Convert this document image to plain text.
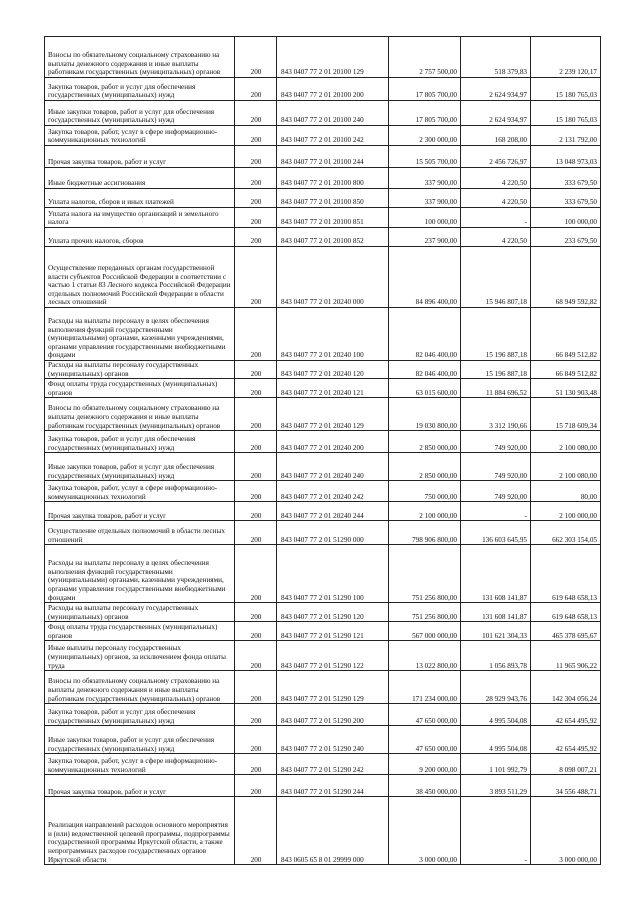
Взносы по обязательному социальному страхованию на выплаты денежного содержания и иные выплаты работникам государственных (муниципальных) органов	200	843 0407 77 2 01 20100 129	2 757 500,00	518 379,83	2 239 120,17
Закупка товаров, работ и услуг для обеспечения государственных (муниципальных) нужд	200	843 0407 77 2 01 20100 200	17 805 700,00	2 624 934,97	15 180 765,03
Иные закупки товаров, работ и услуг для обеспечения государственных (муниципальных) нужд	200	843 0407 77 2 01 20100 240	17 805 700,00	2 624 934,97	15 180 765,03
Закупка товаров, работ, услуг в сфере информационно-коммуникационных технологий	200	843 0407 77 2 01 20100 242	2 300 000,00	168 208,00	2 131 792,00
Прочая закупка товаров, работ и услуг	200	843 0407 77 2 01 20100 244	15 505 700,00	2 456 726,97	13 048 973,03
Иные бюджетные ассигнования	200	843 0407 77 2 01 20100 800	337 900,00	4 220,50	333 679,50
Уплата налогов, сборов и иных платежей	200	843 0407 77 2 01 20100 850	337 900,00	4 220,50	333 679,50
Уплата налога на имущество организаций и земельного налога	200	843 0407 77 2 01 20100 851	100 000,00	-	100 000,00
Уплата прочих налогов, сборов	200	843 0407 77 2 01 20100 852	237 900,00	4 220,50	233 679,50
Осуществление переданных органам государственной власти субъектов Российской Федерации в соответствии с частью 1 статьи 83 Лесного кодекса Российской Федерации отдельных полномочий Российской Федерации в области лесных отношений	200	843 0407 77 2 01 20240 000	84 896 400,00	15 946 807,18	68 949 592,82
Расходы на выплаты персоналу в целях обеспечения выполнения функций государственными (муниципальными) органами, казенными учреждениями, органами управления государственными внебюджетными фондами	200	843 0407 77 2 01 20240 100	82 046 400,00	15 196 887,18	66 849 512,82
Расходы на выплаты персоналу государственных (муниципальных) органов	200	843 0407 77 2 01 20240 120	82 046 400,00	15 196 887,18	66 849 512,82
Фонд оплаты труда государственных (муниципальных) органов	200	843 0407 77 2 01 20240 121	63 015 600,00	11 884 696,52	51 130 903,48
Взносы по обязательному социальному страхованию на выплаты денежного содержания и иные выплаты работникам государственных (муниципальных) органов	200	843 0407 77 2 01 20240 129	19 030 800,00	3 312 190,66	15 718 609,34
Закупка товаров, работ и услуг для обеспечения государственных (муниципальных) нужд	200	843 0407 77 2 01 20240 200	2 850 000,00	749 920,00	2 100 080,00
Иные закупки товаров, работ и услуг для обеспечения государственных (муниципальных) нужд	200	843 0407 77 2 01 20240 240	2 850 000,00	749 920,00	2 100 080,00
Закупка товаров, работ, услуг в сфере информационно-коммуникационных технологий	200	843 0407 77 2 01 20240 242	750 000,00	749 920,00	80,00
Прочая закупка товаров, работ и услуг	200	843 0407 77 2 01 20240 244	2 100 000,00	-	2 100 000,00
Осуществление отдельных полномочий в области лесных отношений	200	843 0407 77 2 01 51290 000	798 906 800,00	136 603 645,95	662 303 154,05
Расходы на выплаты персоналу в целях обеспечения выполнения функций государственными (муниципальными) органами, казенными учреждениями, органами управления государственными внебюджетными фондами	200	843 0407 77 2 01 51290 100	751 256 800,00	131 608 141,87	619 648 658,13
Расходы на выплаты персоналу государственных (муниципальных) органов	200	843 0407 77 2 01 51290 120	751 256 800,00	131 608 141,87	619 648 658,13
Фонд оплаты труда государственных (муниципальных) органов	200	843 0407 77 2 01 51290 121	567 000 000,00	101 621 304,33	465 378 695,67
Иные выплаты персоналу государственных (муниципальных) органов, за исключением фонда оплаты труда	200	843 0407 77 2 01 51290 122	13 022 800,00	1 056 893,78	11 965 906,22
Взносы по обязательному социальному страхованию на выплаты денежного содержания и иные выплаты работникам государственных (муниципальных) органов	200	843 0407 77 2 01 51290 129	171 234 000,00	28 929 943,76	142 304 056,24
Закупка товаров, работ и услуг для обеспечения государственных (муниципальных) нужд	200	843 0407 77 2 01 51290 200	47 650 000,00	4 995 504,08	42 654 495,92
Иные закупки товаров, работ и услуг для обеспечения государственных (муниципальных) нужд	200	843 0407 77 2 01 51290 240	47 650 000,00	4 995 504,08	42 654 495,92
Закупка товаров, работ, услуг в сфере информационно-коммуникационных технологий	200	843 0407 77 2 01 51290 242	9 200 000,00	1 101 992,79	8 098 007,21
Прочая закупка товаров, работ и услуг	200	843 0407 77 2 01 51290 244	38 450 000,00	3 893 511,29	34 556 488,71
Реализация направлений расходов основного мероприятия и (или) ведомственной целевой программы, подпрограммы государственной программы Иркутской области, а также непрограммных расходов государственных органов Иркутской области	200	843 0605 65 8 01 29999 000	3 000 000,00	-	3 000 000,00
